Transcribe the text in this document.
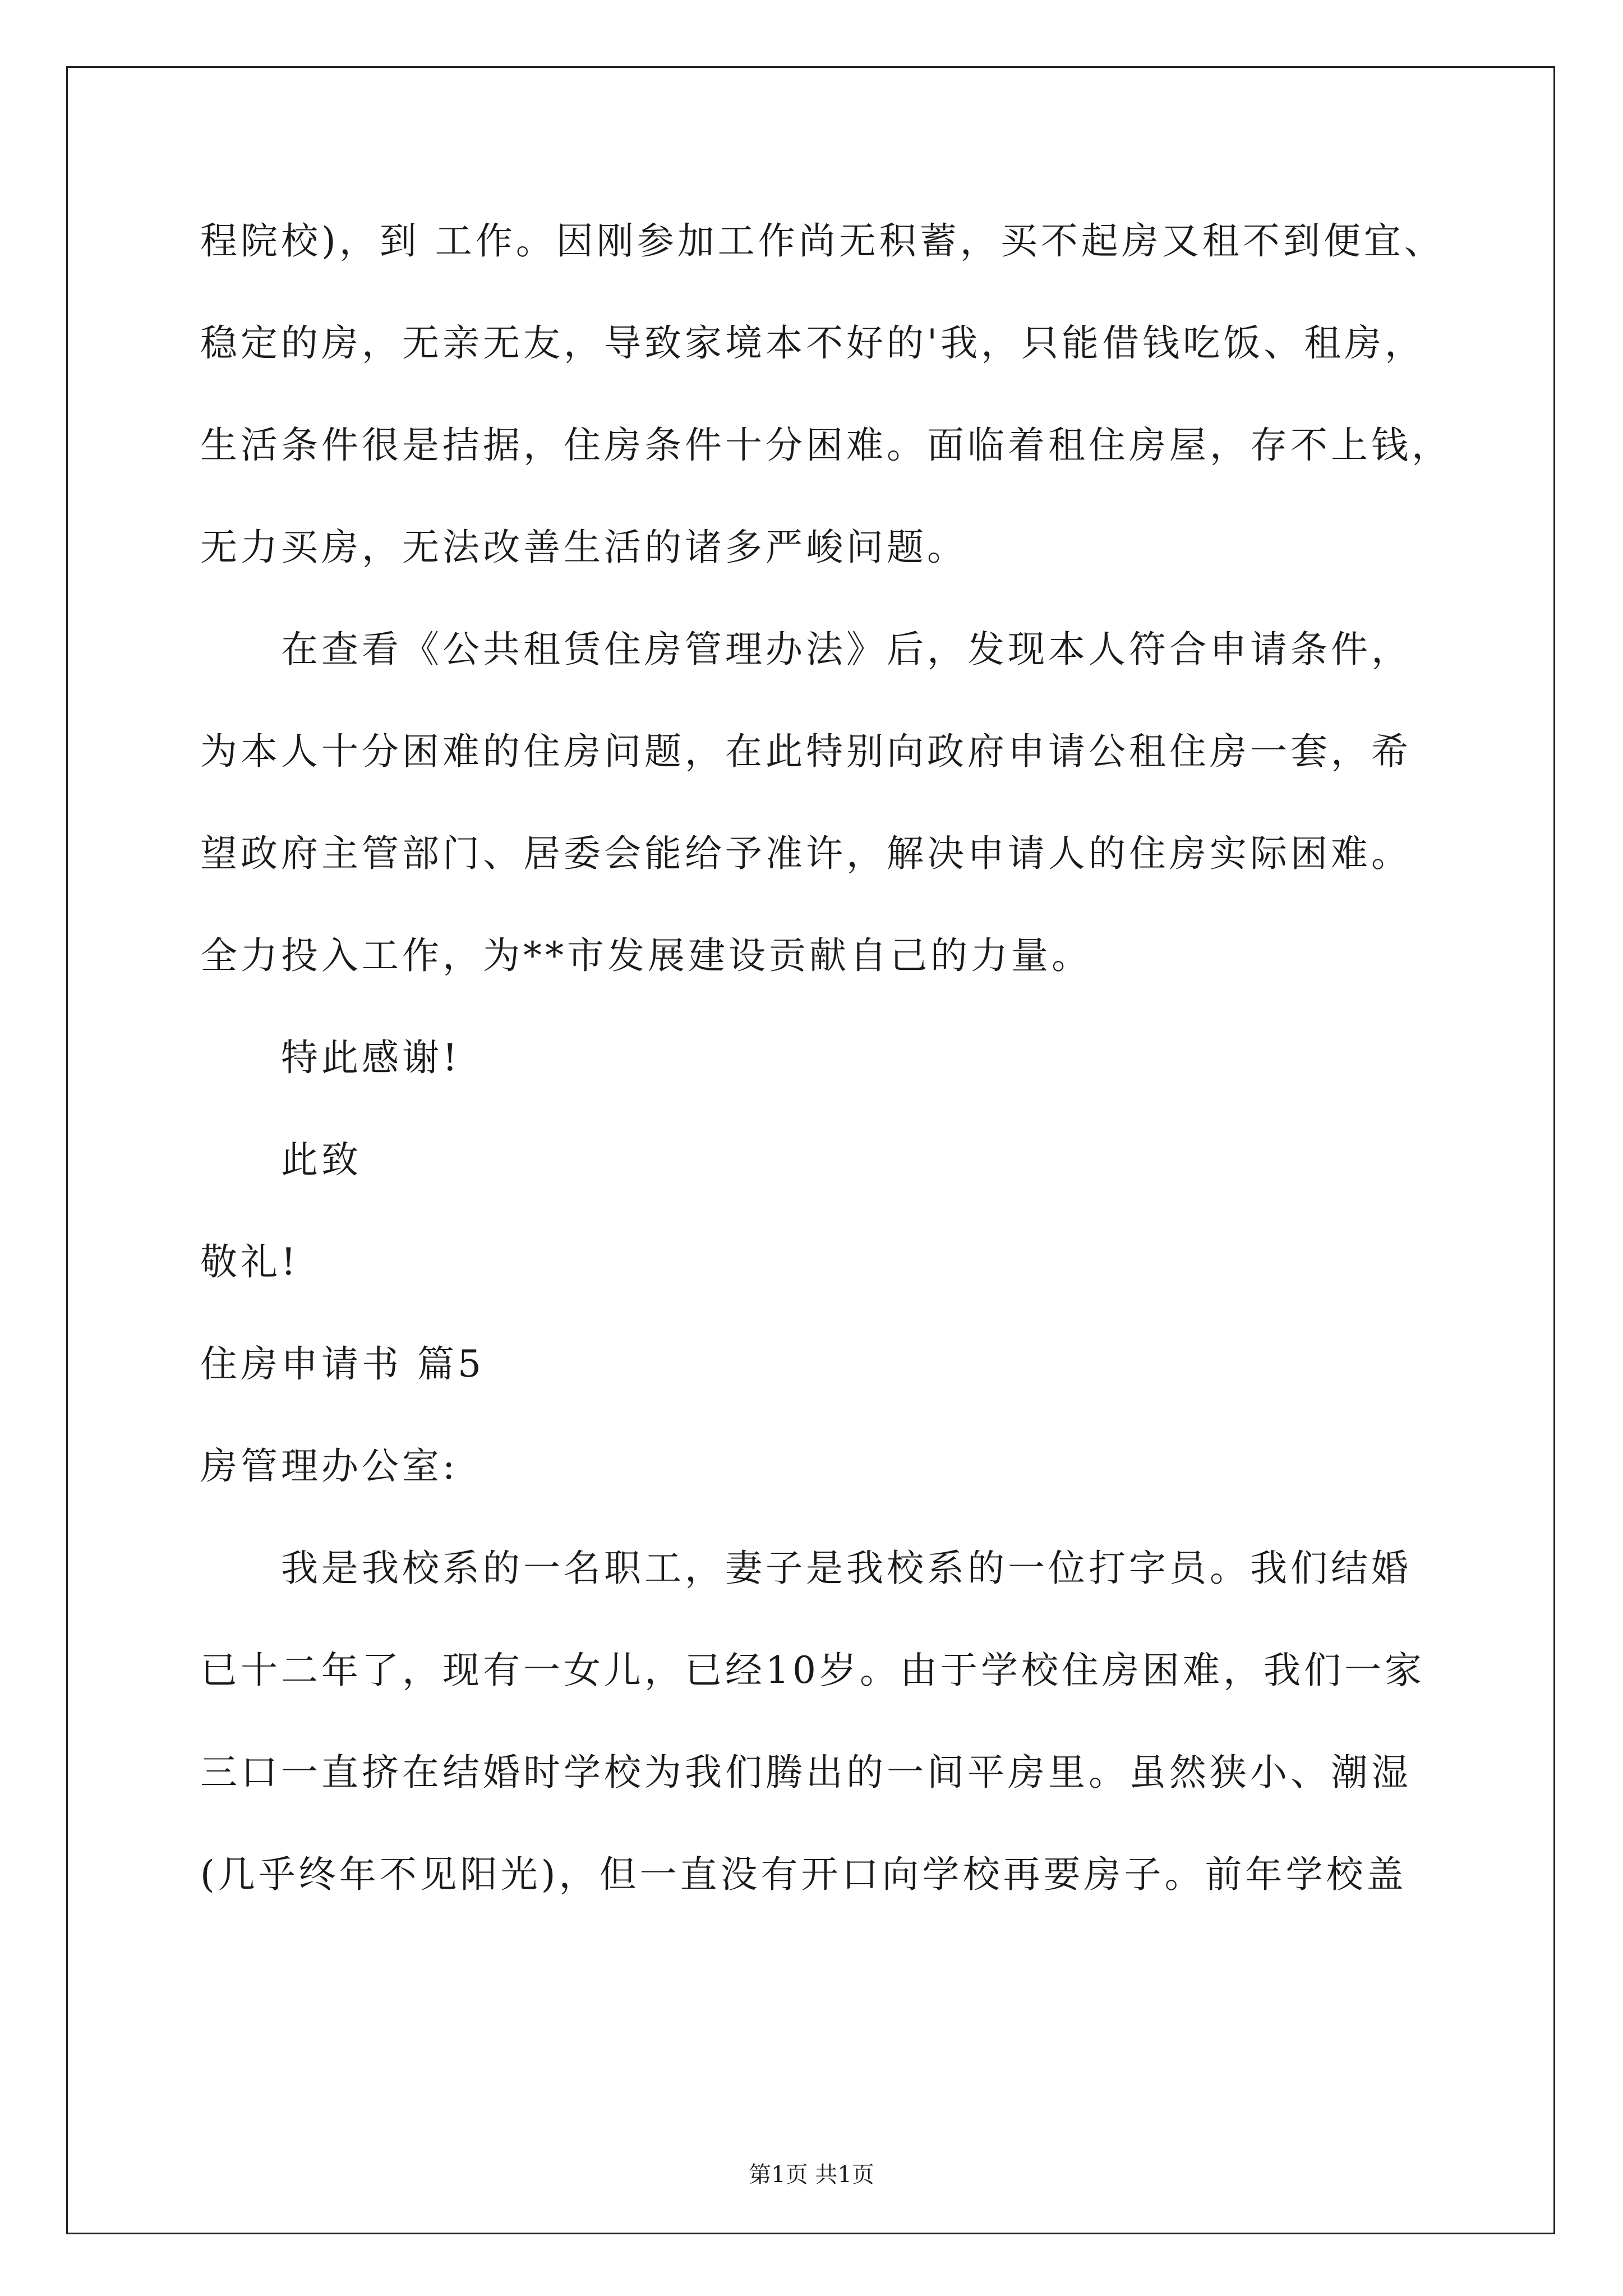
程院校)，到 工作。因刚参加工作尚无积蓄，买不起房又租不到便宜、
稳定的房，无亲无友，导致家境本不好的'我，只能借钱吃饭、租房，
生活条件很是拮据，住房条件十分困难。面临着租住房屋，存不上钱，
无力买房，无法改善生活的诸多严峻问题。
在查看《公共租赁住房管理办法》后，发现本人符合申请条件，
为本人十分困难的住房问题，在此特别向政府申请公租住房一套，希
望政府主管部门、居委会能给予准许，解决申请人的住房实际困难。
全力投入工作，为**市发展建设贡献自己的力量。
特此感谢!
此致
敬礼!
住房申请书 篇5
房管理办公室:
我是我校系的一名职工，妻子是我校系的一位打字员。我们结婚
已十二年了，现有一女儿，已经10岁。由于学校住房困难，我们一家
三口一直挤在结婚时学校为我们腾出的一间平房里。虽然狭小、潮湿
(几乎终年不见阳光)，但一直没有开口向学校再要房子。前年学校盖
第1页 共1页
